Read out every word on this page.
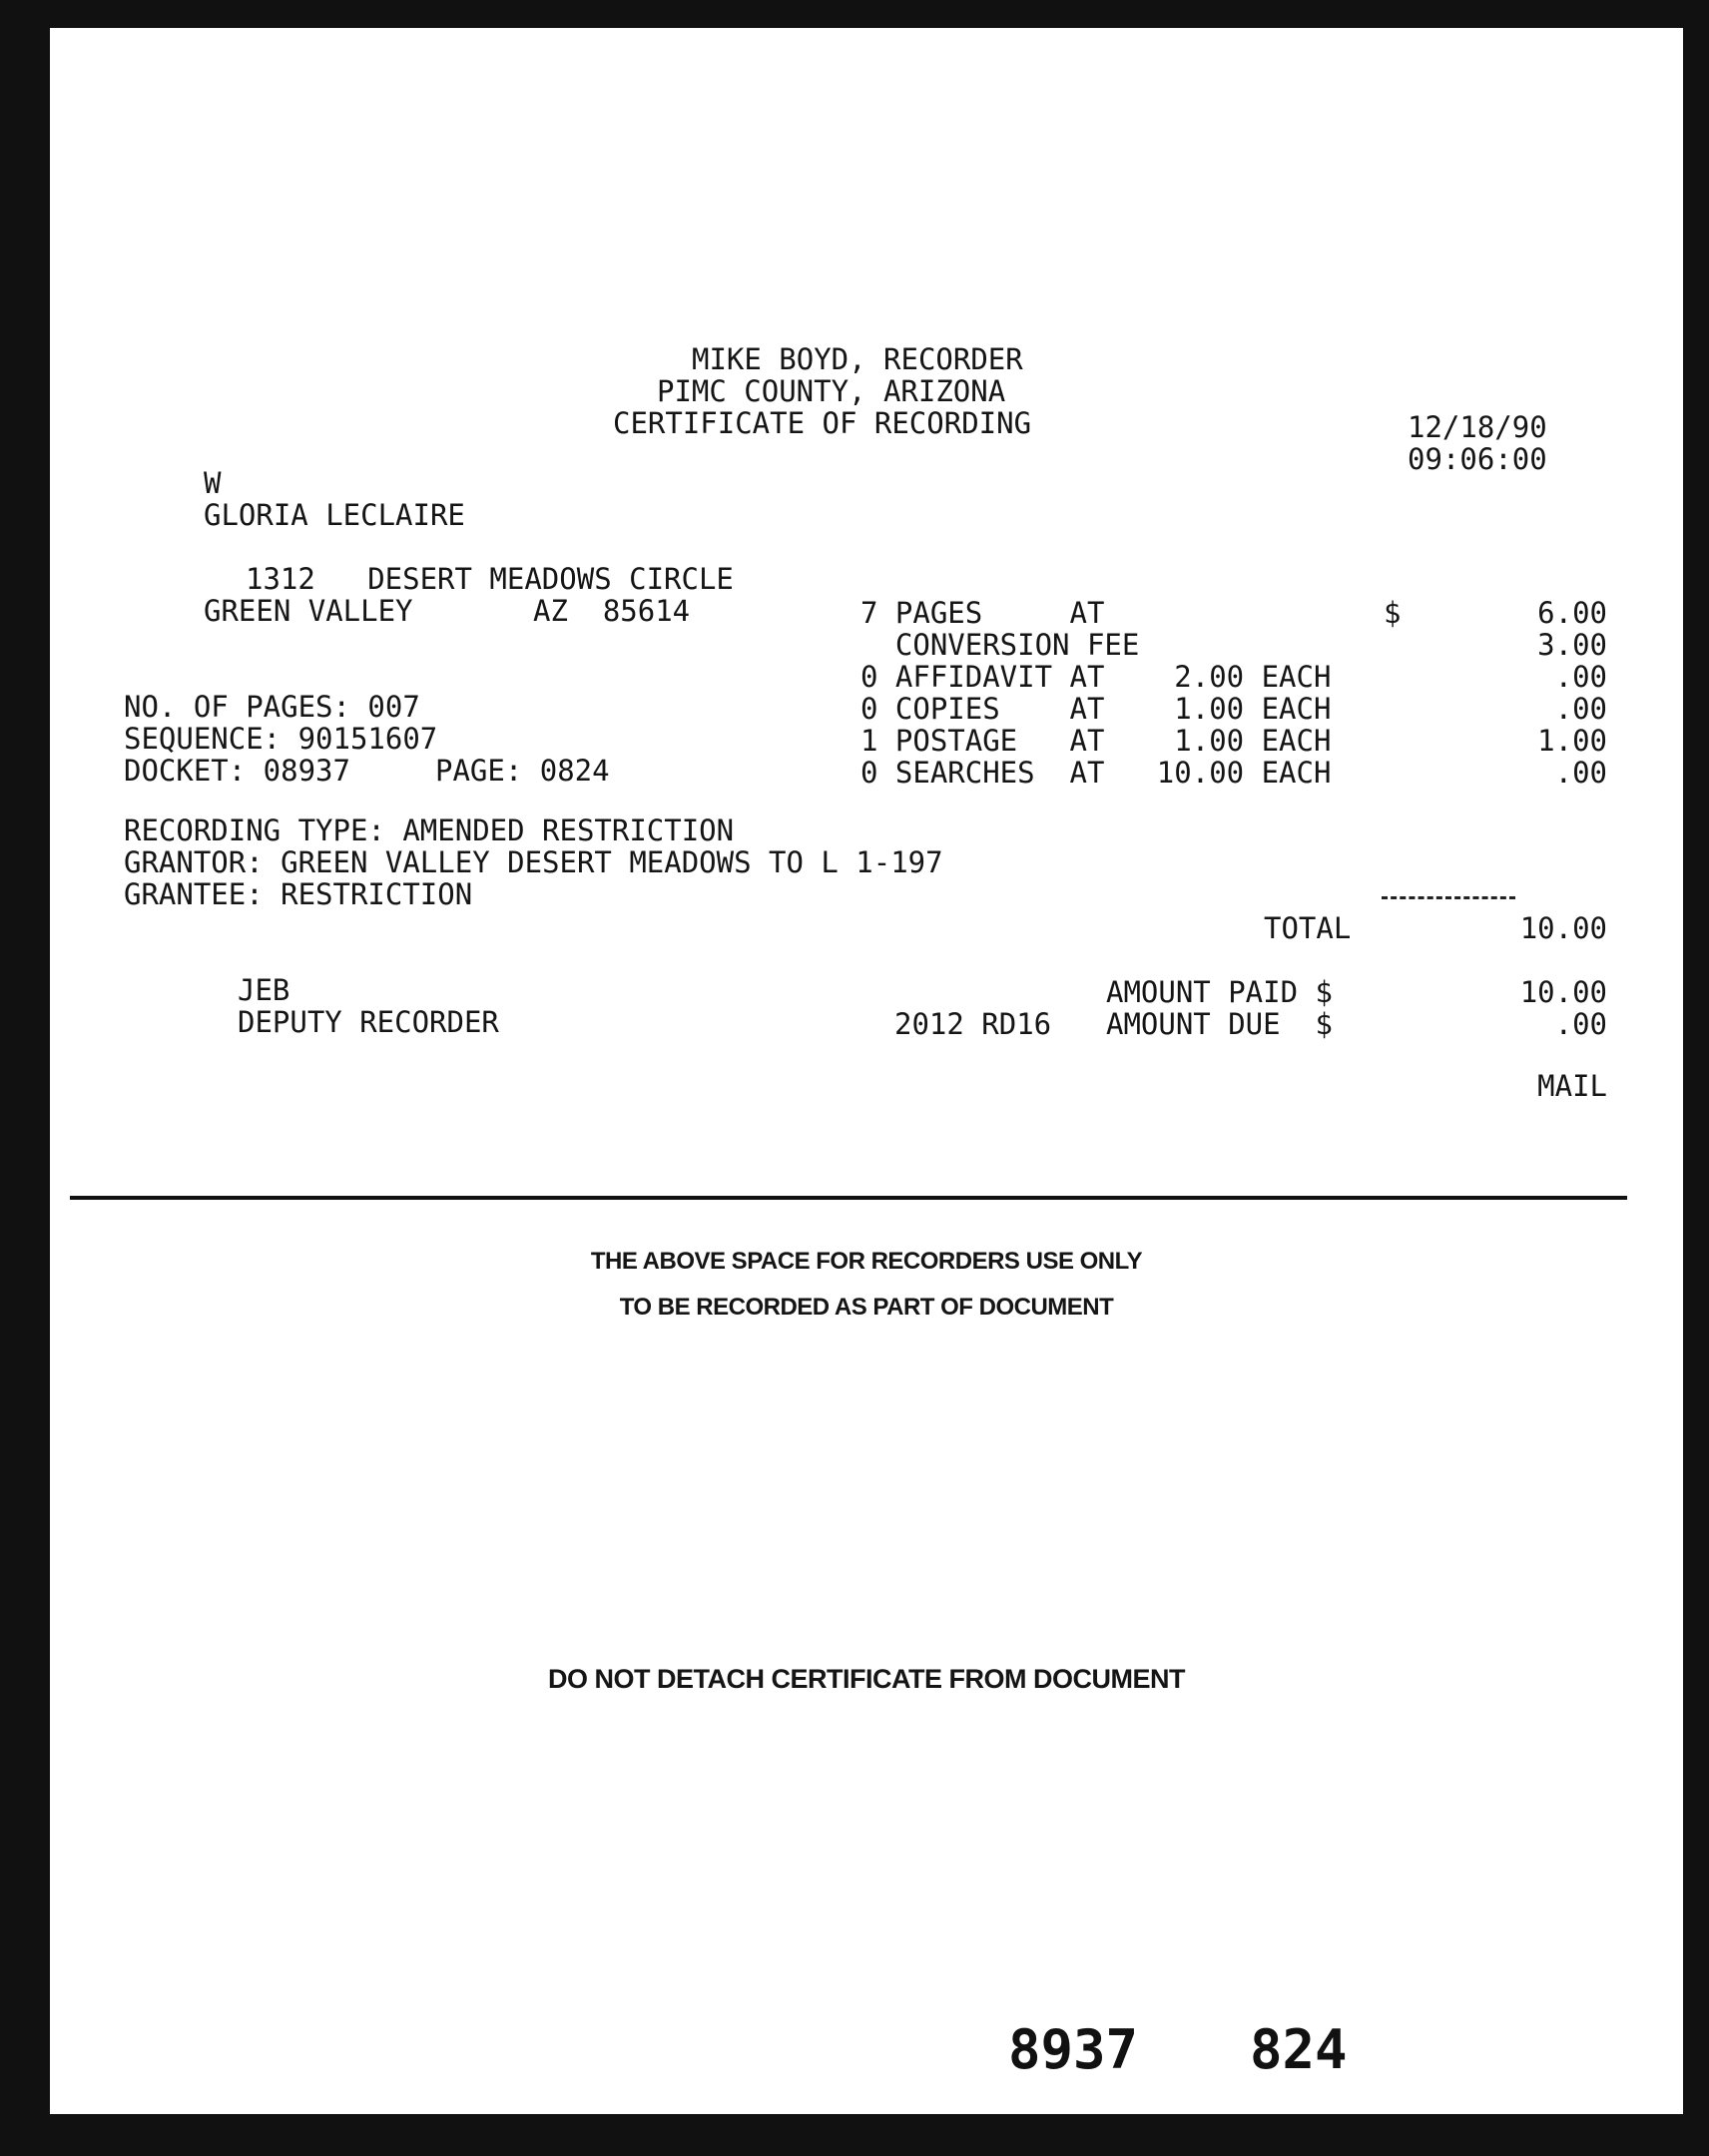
MIKE BOYD, RECORDER
PIMC COUNTY, ARIZONA
CERTIFICATE OF RECORDING	12/18/90
09:06:00
W
GLORIA LECLAIRE
1312   DESERT MEADOWS CIRCLE
GREEN VALLEY	AZ  85614
NO. OF PAGES: 007
SEQUENCE: 90151607
DOCKET: 08937	PAGE: 0824
7 PAGES     AT	$	6.00
CONVERSION FEE	3.00
0 AFFIDAVIT AT    2.00 EACH	.00
0 COPIES    AT    1.00 EACH	.00
1 POSTAGE   AT    1.00 EACH	1.00
0 SEARCHES  AT   10.00 EACH	.00
RECORDING TYPE: AMENDED RESTRICTION
GRANTOR: GREEN VALLEY DESERT MEADOWS TO L 1-197
GRANTEE: RESTRICTION
TOTAL	10.00
JEB
DEPUTY RECORDER	2012 RD16
AMOUNT PAID $	10.00
AMOUNT DUE  $	.00
MAIL
THE ABOVE SPACE FOR RECORDERS USE ONLY
TO BE RECORDED AS PART OF DOCUMENT
DO NOT DETACH CERTIFICATE FROM DOCUMENT
8937 824
